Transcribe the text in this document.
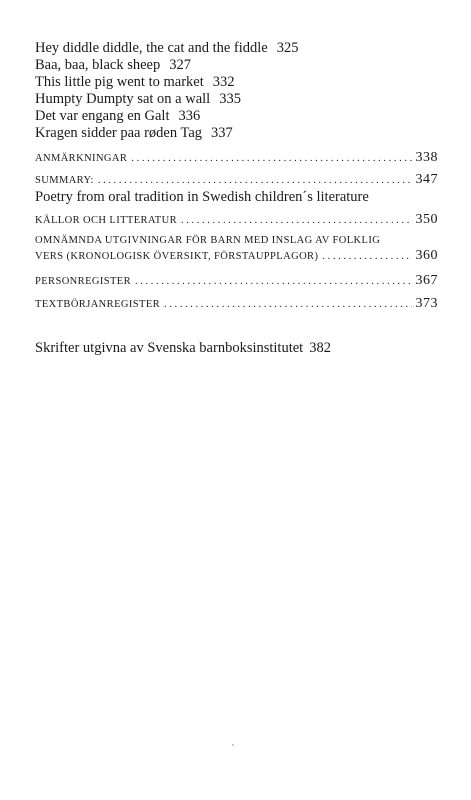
Hey diddle diddle, the cat and the fiddle 325
Baa, baa, black sheep 327
This little pig went to market 332
Humpty Dumpty sat on a wall 335
Det var engang en Galt 336
Kragen sidder paa røden Tag 337
ANMÄRKNINGAR . . .	338
SUMMARY: . . .	347
Poetry from oral tradition in Swedish children´s literature
KÄLLOR OCH LITTERATUR . . .	350
OMNÄMNDA UTGIVNINGAR FÖR BARN MED INSLAG AV FOLKLIG
VERS (KRONOLOGISK ÖVERSIKT, FÖRSTAUPPLAGOR) . . .	360
PERSONREGISTER . . .	367
TEXTBÖRJANREGISTER . . .	373
Skrifter utgivna av Svenska barnboksinstitutet 382
